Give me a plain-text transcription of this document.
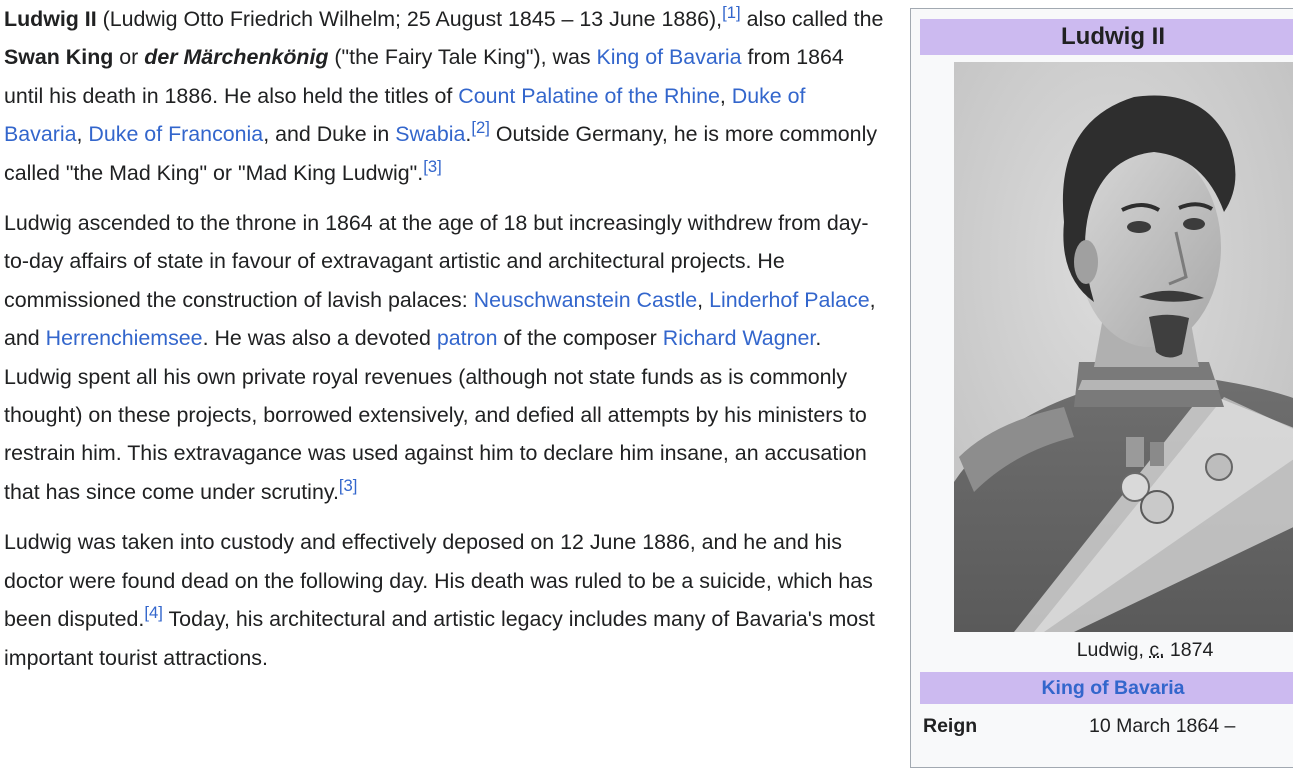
Ludwig II (Ludwig Otto Friedrich Wilhelm; 25 August 1845 – 13 June 1886),[1] also called the Swan King or der Märchenkönig ("the Fairy Tale King"), was King of Bavaria from 1864 until his death in 1886. He also held the titles of Count Palatine of the Rhine, Duke of Bavaria, Duke of Franconia, and Duke in Swabia.[2] Outside Germany, he is more commonly called "the Mad King" or "Mad King Ludwig".[3]

Ludwig ascended to the throne in 1864 at the age of 18 but increasingly withdrew from day-to-day affairs of state in favour of extravagant artistic and architectural projects. He commissioned the construction of lavish palaces: Neuschwanstein Castle, Linderhof Palace, and Herrenchiemsee. He was also a devoted patron of the composer Richard Wagner. Ludwig spent all his own private royal revenues (although not state funds as is commonly thought) on these projects, borrowed extensively, and defied all attempts by his ministers to restrain him. This extravagance was used against him to declare him insane, an accusation that has since come under scrutiny.[3]

Ludwig was taken into custody and effectively deposed on 12 June 1886, and he and his doctor were found dead on the following day. His death was ruled to be a suicide, which has been disputed.[4] Today, his architectural and artistic legacy includes many of Bavaria's most important tourist attractions.

Ludwig II
Ludwig, c. 1874
King of Bavaria
Reign	10 March 1864 –
